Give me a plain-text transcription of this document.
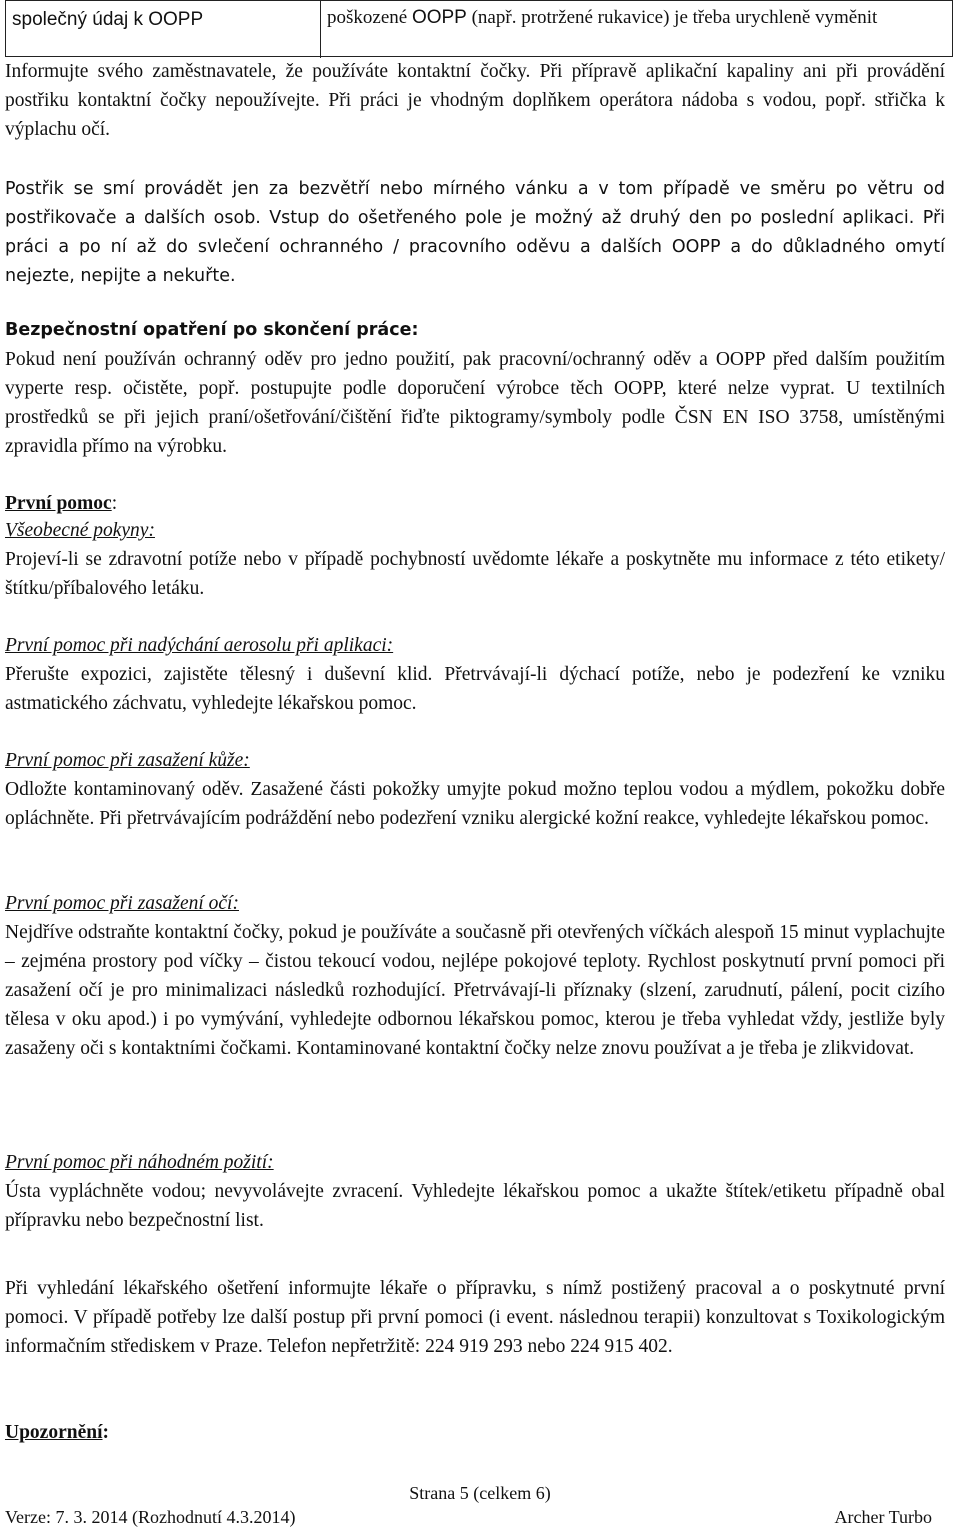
společný údaj k OOPP	poškozené OOPP (např. protržené rukavice) je třeba urychleně vyměnit
Informujte svého zaměstnavatele, že používáte kontaktní čočky. Při přípravě aplikační kapaliny ani při provádění postřiku kontaktní čočky nepoužívejte. Při práci je vhodným doplňkem operátora nádoba s vodou, popř. střička k výplachu očí.
Postřik se smí provádět jen za bezvětří nebo mírného vánku a v tom případě ve směru po větru od postřikovače a dalších osob. Vstup do ošetřeného pole je možný až druhý den po poslední aplikaci. Při práci a po ní až do svlečení ochranného / pracovního oděvu a dalších OOPP a do důkladného omytí nejezte, nepijte a nekuřte.
Bezpečnostní opatření po skončení práce:
Pokud není používán ochranný oděv pro jedno použití, pak pracovní/ochranný oděv a OOPP před dalším použitím vyperte resp. očistěte, popř. postupujte podle doporučení výrobce těch OOPP, které nelze vyprat. U textilních prostředků se při jejich praní/ošetřování/čištění řiďte piktogramy/symboly podle ČSN EN ISO 3758, umístěnými zpravidla přímo na výrobku.
První pomoc:
Všeobecné pokyny:
Projeví-li se zdravotní potíže nebo v případě pochybností uvědomte lékaře a poskytněte mu informace z této etikety/štítku/příbalového letáku.
První pomoc při nadýchání aerosolu při aplikaci:
Přerušte expozici, zajistěte tělesný i duševní klid. Přetrvávají-li dýchací potíže, nebo je podezření ke vzniku astmatického záchvatu, vyhledejte lékařskou pomoc.
První pomoc při zasažení kůže:
Odložte kontaminovaný oděv. Zasažené části pokožky umyjte pokud možno teplou vodou a mýdlem, pokožku dobře opláchněte. Při přetrvávajícím podráždění nebo podezření vzniku alergické kožní reakce, vyhledejte lékařskou pomoc.
První pomoc při zasažení očí:
Nejdříve odstraňte kontaktní čočky, pokud je používáte a současně při otevřených víčkách alespoň 15 minut vyplachujte – zejména prostory pod víčky – čistou tekoucí vodou, nejlépe pokojové teploty. Rychlost poskytnutí první pomoci při zasažení očí je pro minimalizaci následků rozhodující. Přetrvávají-li příznaky (slzení, zarudnutí, pálení, pocit cizího tělesa v oku apod.) i po vymývání, vyhledejte odbornou lékařskou pomoc, kterou je třeba vyhledat vždy, jestliže byly zasaženy oči s kontaktními čočkami. Kontaminované kontaktní čočky nelze znovu používat a je třeba je zlikvidovat.
První pomoc při náhodném požití:
Ústa vypláchněte vodou; nevyvolávejte zvracení. Vyhledejte lékařskou pomoc a ukažte štítek/etiketu případně obal přípravku nebo bezpečnostní list.
Při vyhledání lékařského ošetření informujte lékaře o přípravku, s nímž postižený pracoval a o poskytnuté první pomoci. V případě potřeby lze další postup při první pomoci (i event. následnou terapii) konzultovat s Toxikologickým informačním střediskem v Praze. Telefon nepřetržitě: 224 919 293 nebo 224 915 402.
Upozornění:
Strana 5 (celkem 6)
Verze: 7. 3. 2014 (Rozhodnutí 4.3.2014)	Archer Turbo
